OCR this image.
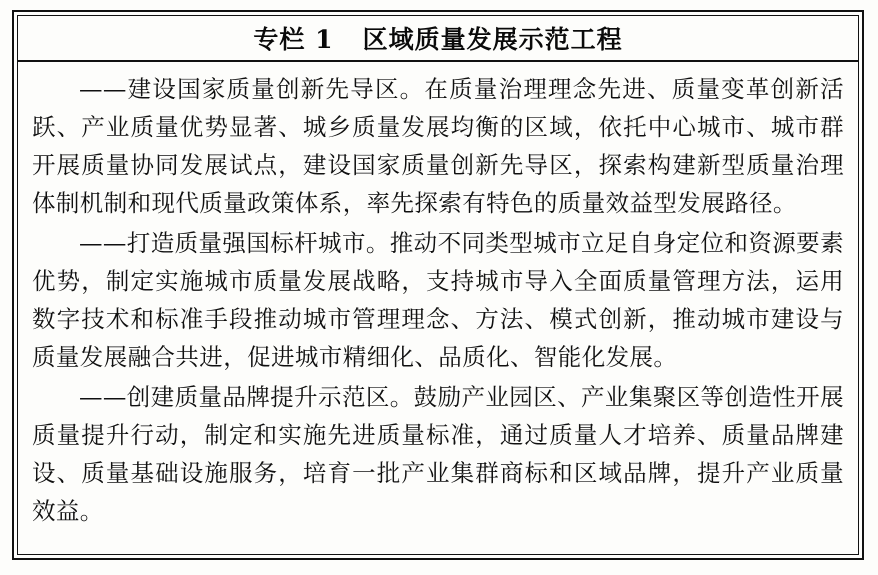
专栏 1   区域质量发展示范工程

——建设国家质量创新先导区。在质量治理理念先进、质量变革创新活跃、产业质量优势显著、城乡质量发展均衡的区域，依托中心城市、城市群开展质量协同发展试点，建设国家质量创新先导区，探索构建新型质量治理体制机制和现代质量政策体系，率先探索有特色的质量效益型发展路径。

——打造质量强国标杆城市。推动不同类型城市立足自身定位和资源要素优势，制定实施城市质量发展战略，支持城市导入全面质量管理方法，运用数字技术和标准手段推动城市管理理念、方法、模式创新，推动城市建设与质量发展融合共进，促进城市精细化、品质化、智能化发展。

——创建质量品牌提升示范区。鼓励产业园区、产业集聚区等创造性开展质量提升行动，制定和实施先进质量标准，通过质量人才培养、质量品牌建设、质量基础设施服务，培育一批产业集群商标和区域品牌，提升产业质量效益。
